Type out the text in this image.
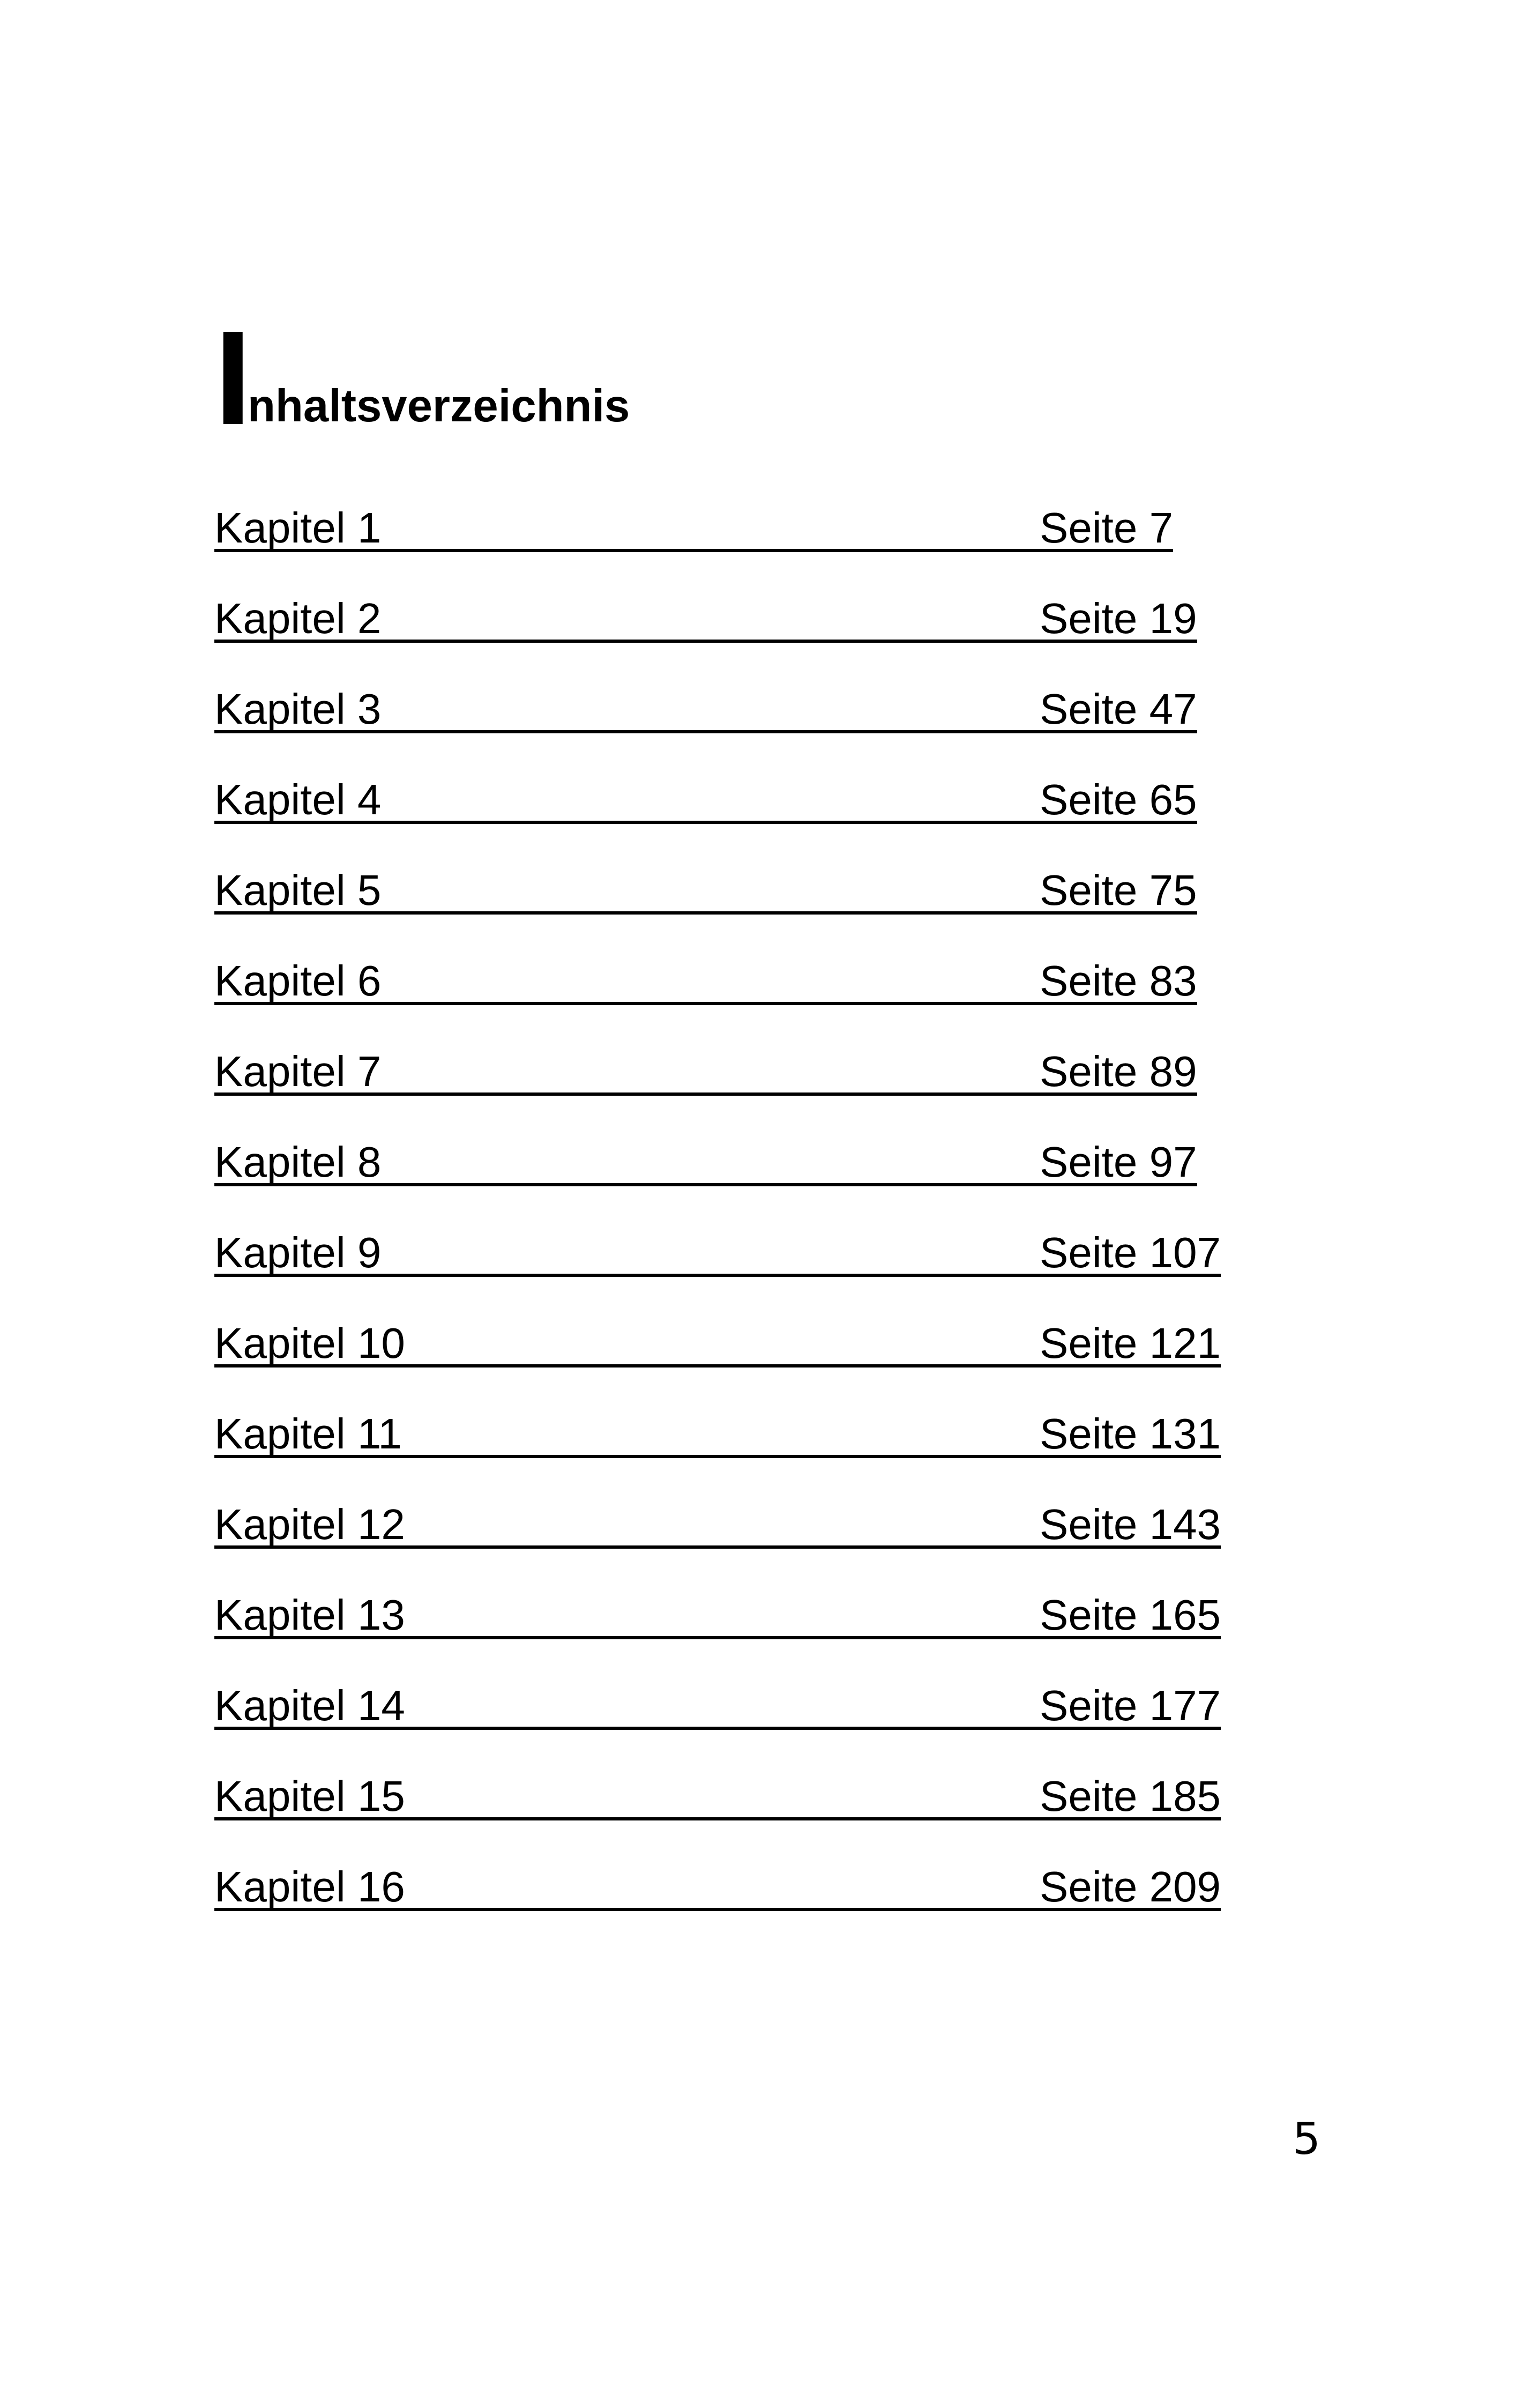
I
nhaltsverzeichnis
Kapitel 1	Seite 7
Kapitel 2	Seite 19
Kapitel 3	Seite 47
Kapitel 4	Seite 65
Kapitel 5	Seite 75
Kapitel 6	Seite 83
Kapitel 7	Seite 89
Kapitel 8	Seite 97
Kapitel 9	Seite 107
Kapitel 10	Seite 121
Kapitel 11	Seite 131
Kapitel 12	Seite 143
Kapitel 13	Seite 165
Kapitel 14	Seite 177
Kapitel 15	Seite 185
Kapitel 16	Seite 209
5
